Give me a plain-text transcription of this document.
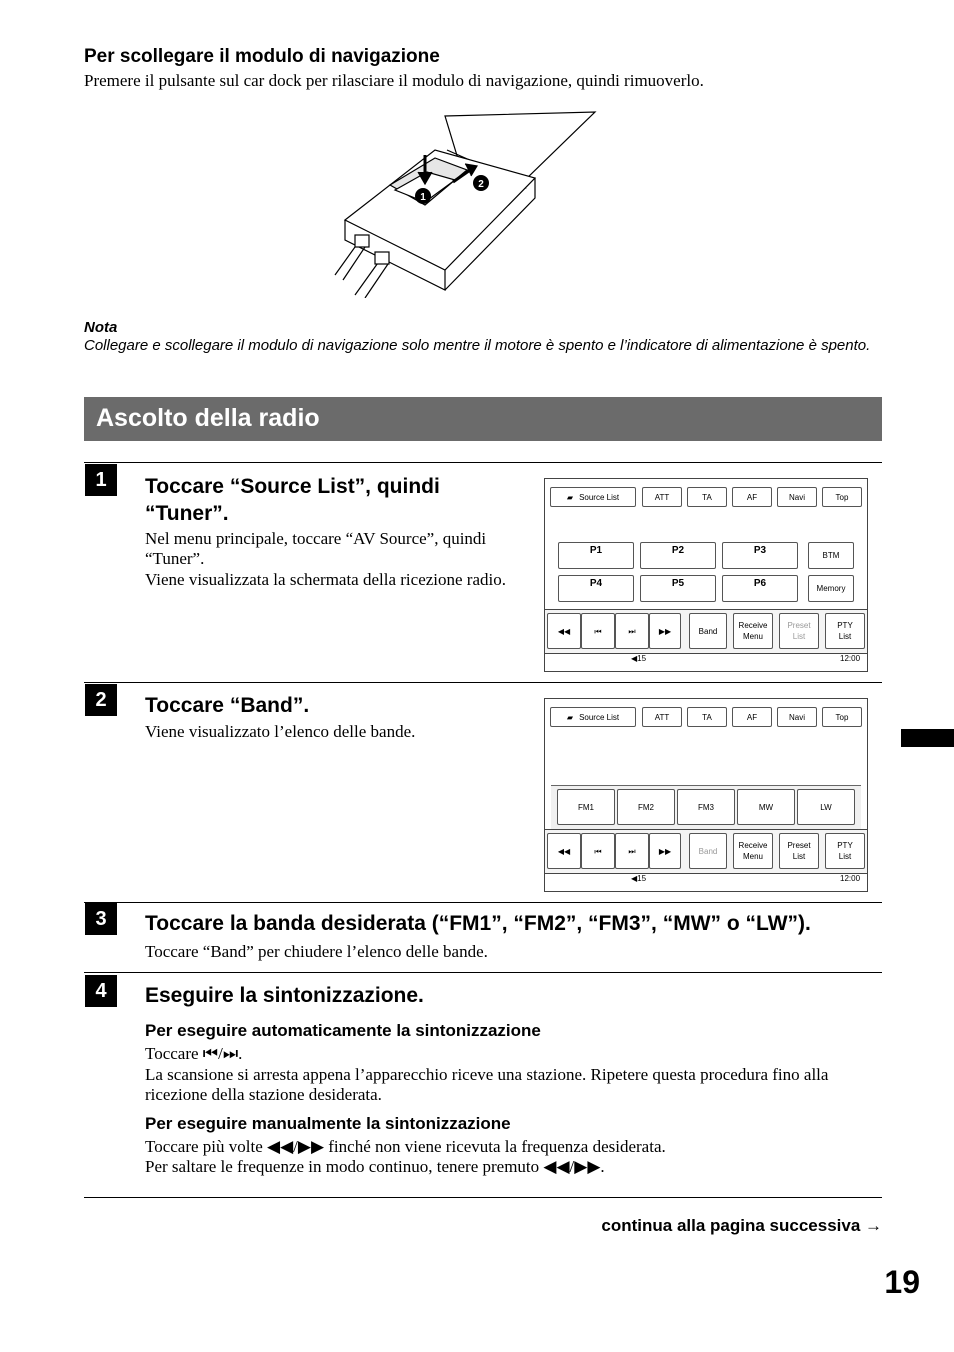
Per scollegare il modulo di navigazione
Premere il pulsante sul car dock per rilasciare il modulo di navigazione, quindi rimuoverlo.
1
2
Nota
Collegare e scollegare il modulo di navigazione solo mentre il motore è spento e l’indicatore di alimentazione è spento.
Ascolto della radio
1	Toccare “Source List”, quindi “Tuner”.
Nel menu principale, toccare “AV Source”, quindi “Tuner”.
Viene visualizzata la schermata della ricezione radio.
▰ Source List	ATT	TA	AF	Navi	Top
P1	P2	P3
P4	P5	P6
BTM
Memory
◀◀	⏮	⏭	▶▶	Band
Receive
Menu
Preset
List
PTY
List
◀15	12:00
2	Toccare “Band”.
Viene visualizzato l’elenco delle bande.
▰ Source List	ATT	TA	AF	Navi	Top
FM1	FM2	FM3	MW	LW
◀◀	⏮	⏭	▶▶	Band
Receive
Menu
Preset
List
PTY
List
◀15	12:00
3	Toccare la banda desiderata (“FM1”, “FM2”, “FM3”, “MW” o “LW”).
Toccare “Band” per chiudere l’elenco delle bande.
4	Eseguire la sintonizzazione.
Per eseguire automaticamente la sintonizzazione
Toccare ⏮/⏭.
La scansione si arresta appena l’apparecchio riceve una stazione. Ripetere questa procedura fino alla ricezione della stazione desiderata.
Per eseguire manualmente la sintonizzazione
Toccare più volte ◀◀/▶▶ finché non viene ricevuta la frequenza desiderata.
Per saltare le frequenze in modo continuo, tenere premuto ◀◀/▶▶.
continua alla pagina successiva →
19
